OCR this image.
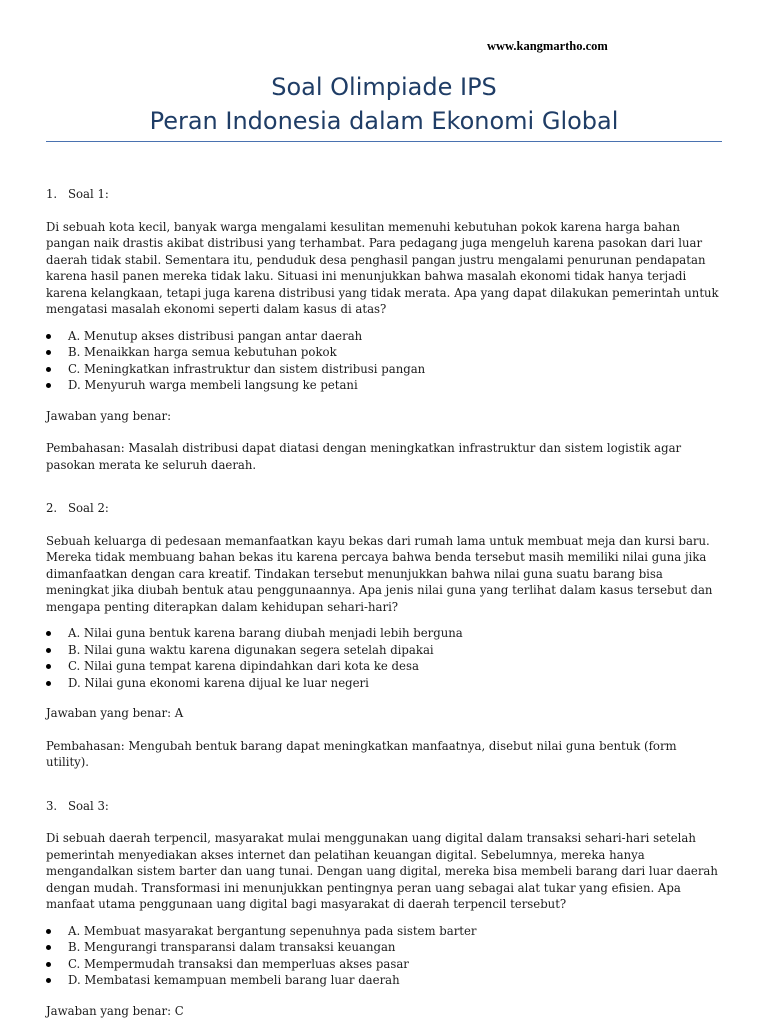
www.kangmartho.com
Soal Olimpiade IPS
Peran Indonesia dalam Ekonomi Global
1. Soal 1:

Di sebuah kota kecil, banyak warga mengalami kesulitan memenuhi kebutuhan pokok karena harga bahan pangan naik drastis akibat distribusi yang terhambat. Para pedagang juga mengeluh karena pasokan dari luar daerah tidak stabil. Sementara itu, penduduk desa penghasil pangan justru mengalami penurunan pendapatan karena hasil panen mereka tidak laku. Situasi ini menunjukkan bahwa masalah ekonomi tidak hanya terjadi karena kelangkaan, tetapi juga karena distribusi yang tidak merata. Apa yang dapat dilakukan pemerintah untuk mengatasi masalah ekonomi seperti dalam kasus di atas?

A. Menutup akses distribusi pangan antar daerah
B. Menaikkan harga semua kebutuhan pokok
C. Meningkatkan infrastruktur dan sistem distribusi pangan
D. Menyuruh warga membeli langsung ke petani

Jawaban yang benar:

Pembahasan: Masalah distribusi dapat diatasi dengan meningkatkan infrastruktur dan sistem logistik agar pasokan merata ke seluruh daerah.

2. Soal 2:

Sebuah keluarga di pedesaan memanfaatkan kayu bekas dari rumah lama untuk membuat meja dan kursi baru. Mereka tidak membuang bahan bekas itu karena percaya bahwa benda tersebut masih memiliki nilai guna jika dimanfaatkan dengan cara kreatif. Tindakan tersebut menunjukkan bahwa nilai guna suatu barang bisa meningkat jika diubah bentuk atau penggunaannya. Apa jenis nilai guna yang terlihat dalam kasus tersebut dan mengapa penting diterapkan dalam kehidupan sehari-hari?

A. Nilai guna bentuk karena barang diubah menjadi lebih berguna
B. Nilai guna waktu karena digunakan segera setelah dipakai
C. Nilai guna tempat karena dipindahkan dari kota ke desa
D. Nilai guna ekonomi karena dijual ke luar negeri

Jawaban yang benar: A

Pembahasan: Mengubah bentuk barang dapat meningkatkan manfaatnya, disebut nilai guna bentuk (form utility).

3. Soal 3:

Di sebuah daerah terpencil, masyarakat mulai menggunakan uang digital dalam transaksi sehari-hari setelah pemerintah menyediakan akses internet dan pelatihan keuangan digital. Sebelumnya, mereka hanya mengandalkan sistem barter dan uang tunai. Dengan uang digital, mereka bisa membeli barang dari luar daerah dengan mudah. Transformasi ini menunjukkan pentingnya peran uang sebagai alat tukar yang efisien. Apa manfaat utama penggunaan uang digital bagi masyarakat di daerah terpencil tersebut?

A. Membuat masyarakat bergantung sepenuhnya pada sistem barter
B. Mengurangi transparansi dalam transaksi keuangan
C. Mempermudah transaksi dan memperluas akses pasar
D. Membatasi kemampuan membeli barang luar daerah

Jawaban yang benar: C
